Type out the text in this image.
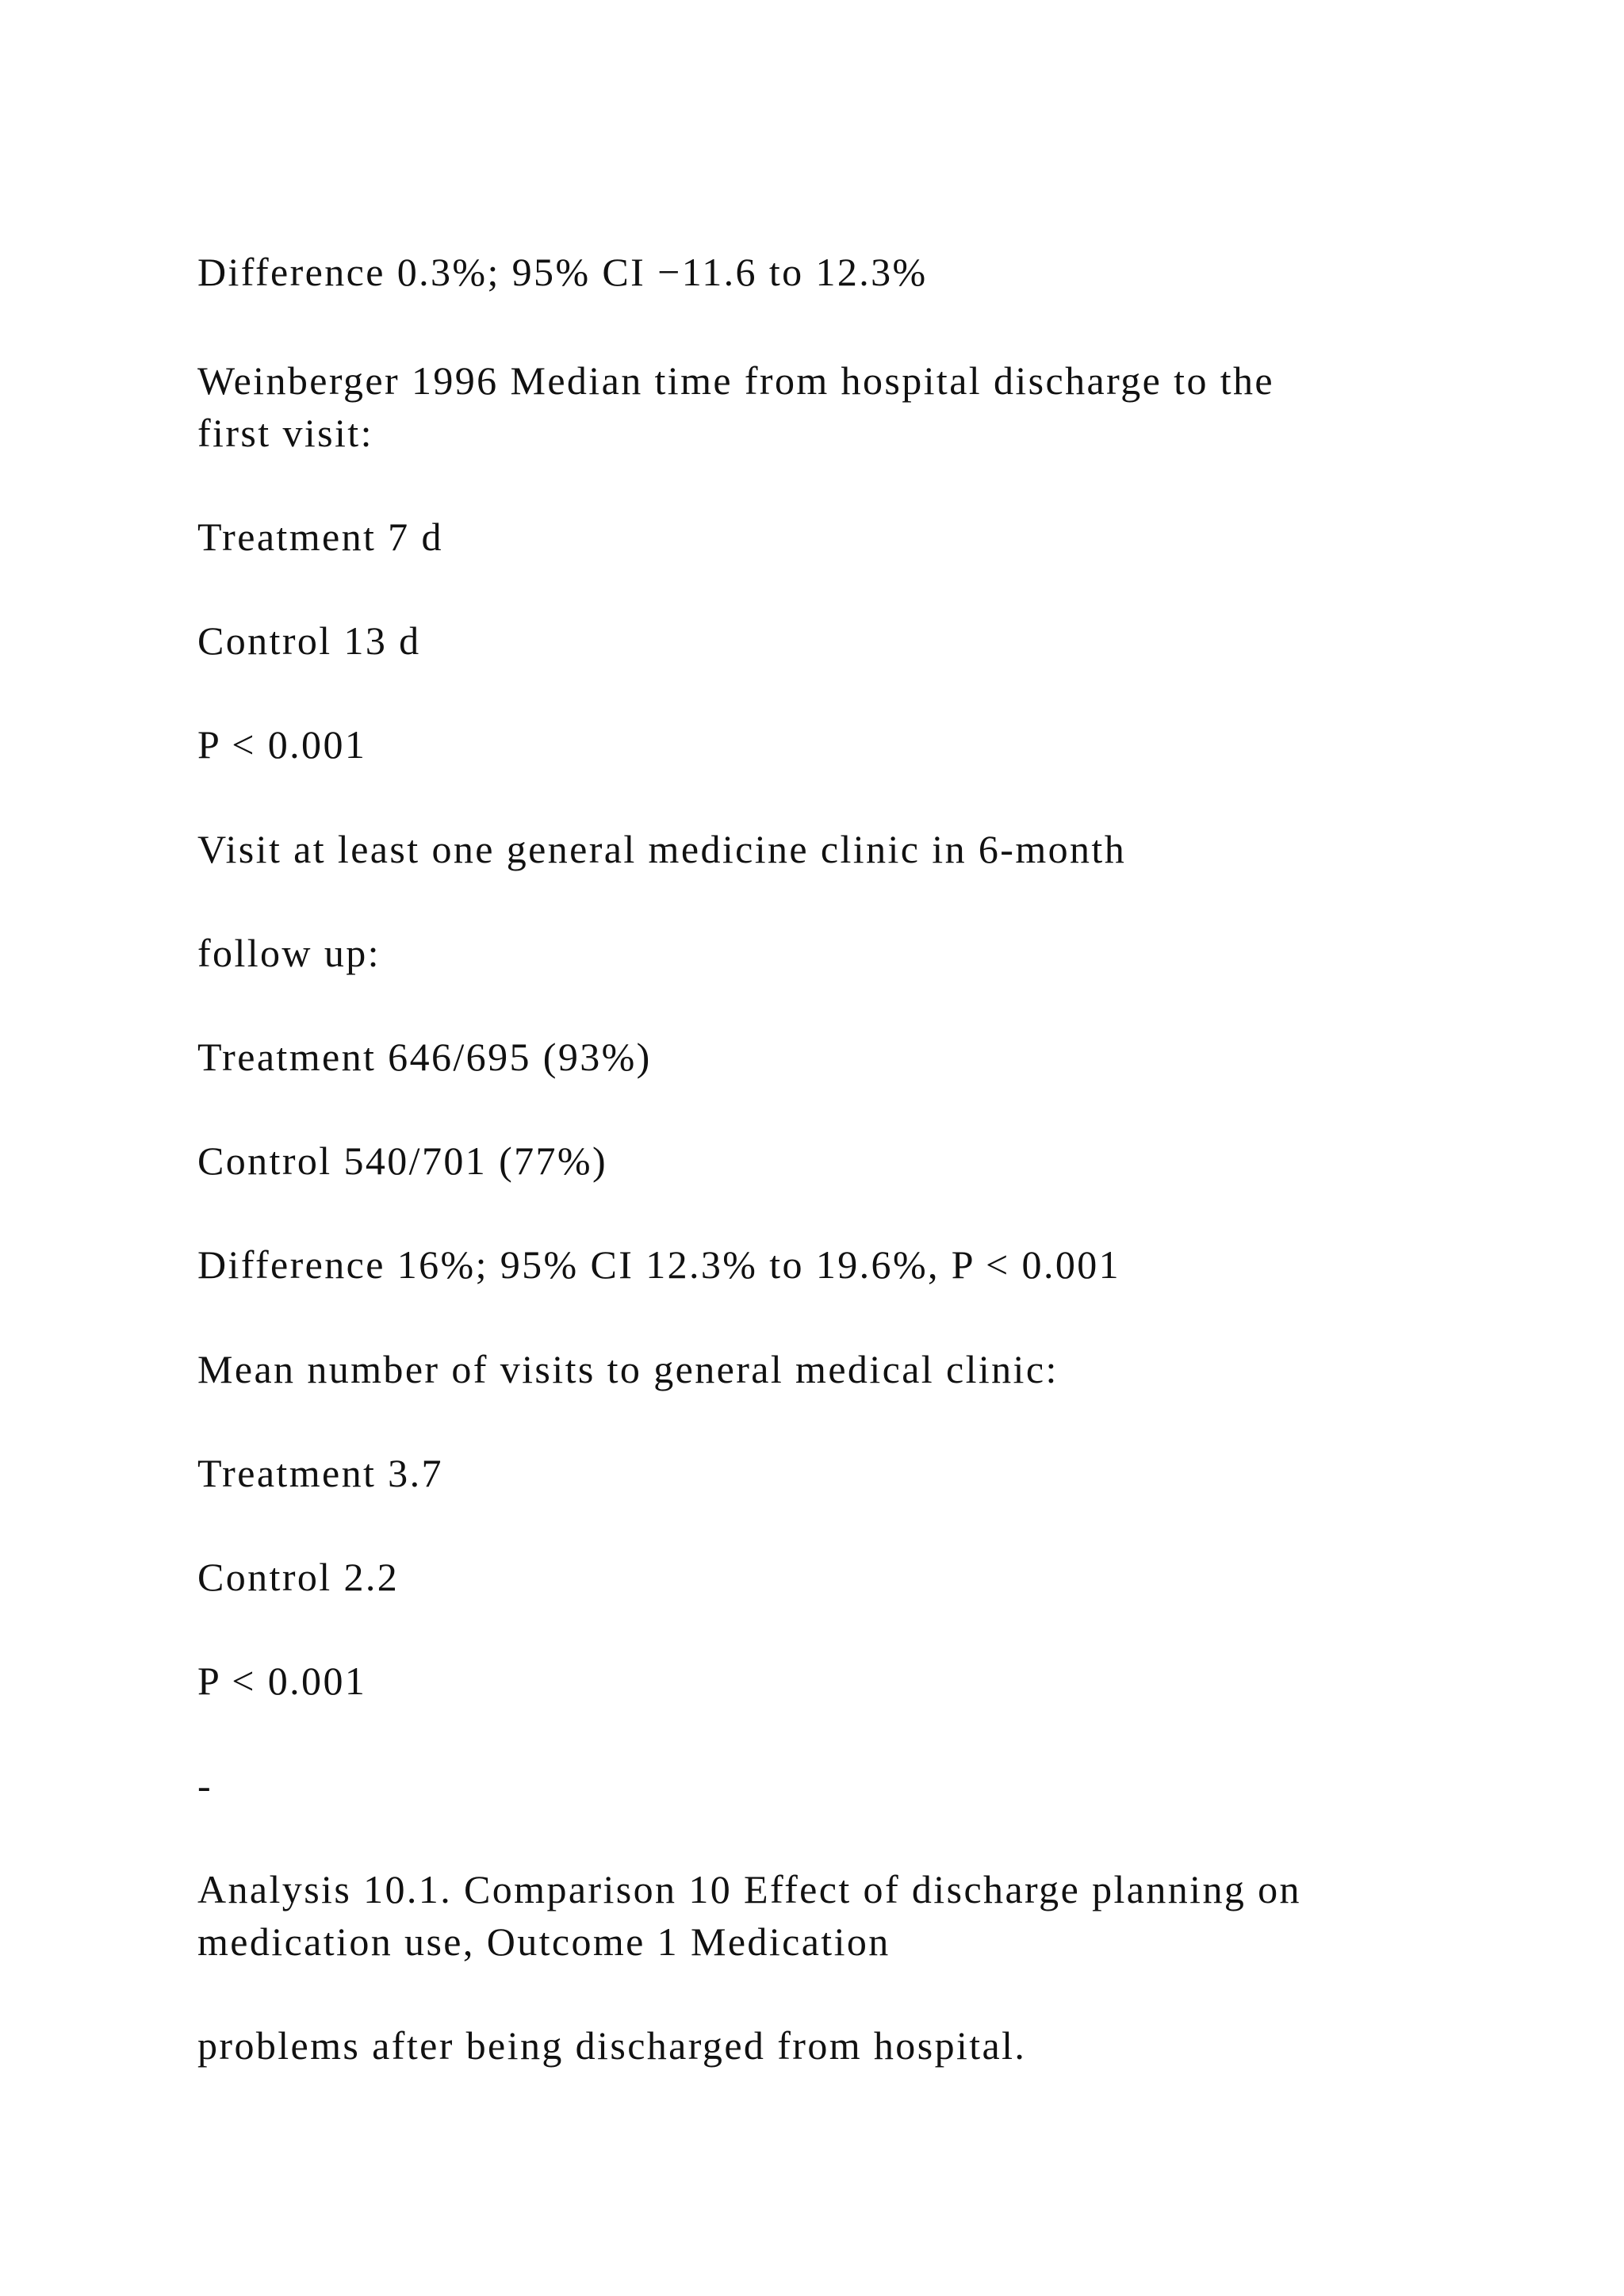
Difference 0.3%; 95% CI −11.6 to 12.3%

Weinberger 1996 Median time from hospital discharge to the
first visit:

Treatment 7 d

Control 13 d

P < 0.001

Visit at least one general medicine clinic in 6-month

follow up:

Treatment 646/695 (93%)

Control 540/701 (77%)

Difference 16%; 95% CI 12.3% to 19.6%, P < 0.001

Mean number of visits to general medical clinic:

Treatment 3.7

Control 2.2

P < 0.001

-

Analysis 10.1. Comparison 10 Effect of discharge planning on
medication use, Outcome 1 Medication

problems after being discharged from hospital.
